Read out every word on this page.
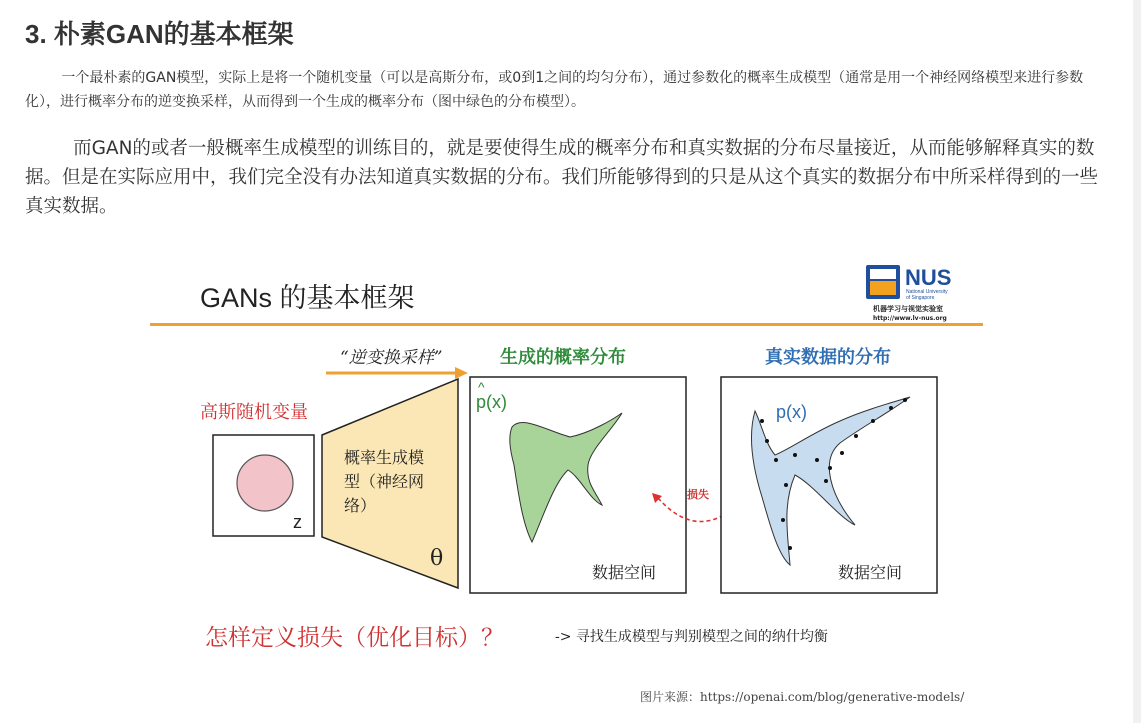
3. 朴素GAN的基本框架

一个最朴素的GAN模型，实际上是将一个随机变量（可以是高斯分布，或0到1之间的均匀分布），通过参数化的概率生成模型（通常是用一个神经网络模型来进行参数化），进行概率分布的逆变换采样，从而得到一个生成的概率分布（图中绿色的分布模型）。

而GAN的或者一般概率生成模型的训练目的，就是要使得生成的概率分布和真实数据的分布尽量接近，从而能够解释真实的数据。但是在实际应用中，我们完全没有办法知道真实数据的分布。我们所能够得到的只是从这个真实的数据分布中所采样得到的一些真实数据。

GANs 的基本框架
NUS
National University
of Singapore
机器学习与视觉实验室
http://www.lv-nus.org
“逆变换采样”	生成的概率分布	真实数据的分布
高斯随机变量
z
概率生成模
型（神经网
络）
θ
p(x)
^
数据空间
损失
p(x)
数据空间
怎样定义损失（优化目标）？	-> 寻找生成模型与判别模型之间的纳什均衡
图片来源：https://openai.com/blog/generative-models/
